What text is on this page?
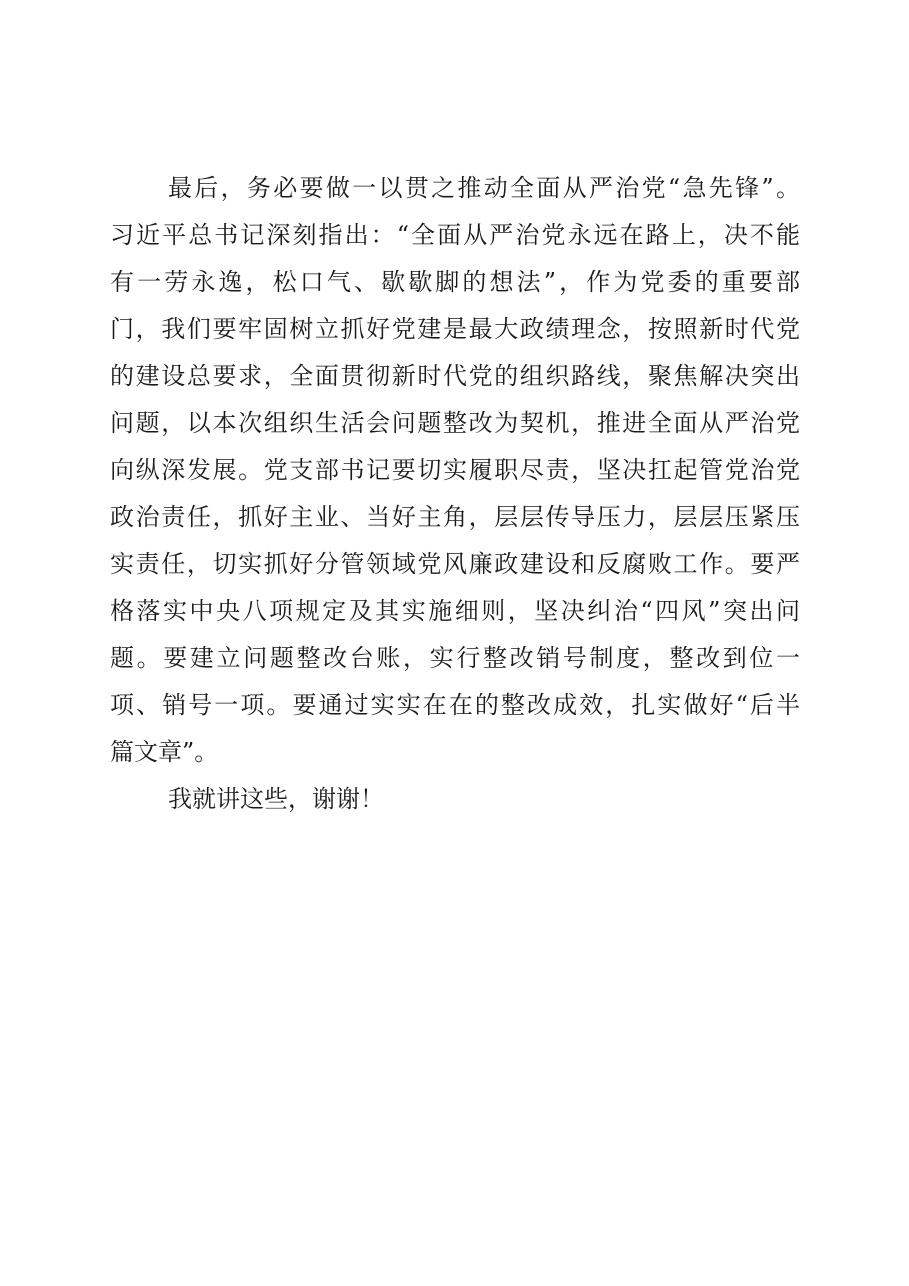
最后，务必要做一以贯之推动全面从严治党“急先锋”。
习近平总书记深刻指出：“全面从严治党永远在路上，决不能
有一劳永逸，松口气、歇歇脚的想法”，作为党委的重要部
门，我们要牢固树立抓好党建是最大政绩理念，按照新时代党
的建设总要求，全面贯彻新时代党的组织路线，聚焦解决突出
问题，以本次组织生活会问题整改为契机，推进全面从严治党
向纵深发展。党支部书记要切实履职尽责，坚决扛起管党治党
政治责任，抓好主业、当好主角，层层传导压力，层层压紧压
实责任，切实抓好分管领域党风廉政建设和反腐败工作。要严
格落实中央八项规定及其实施细则，坚决纠治“四风”突出问
题。要建立问题整改台账，实行整改销号制度，整改到位一
项、销号一项。要通过实实在在的整改成效，扎实做好“后半
篇文章”。
我就讲这些，谢谢！
